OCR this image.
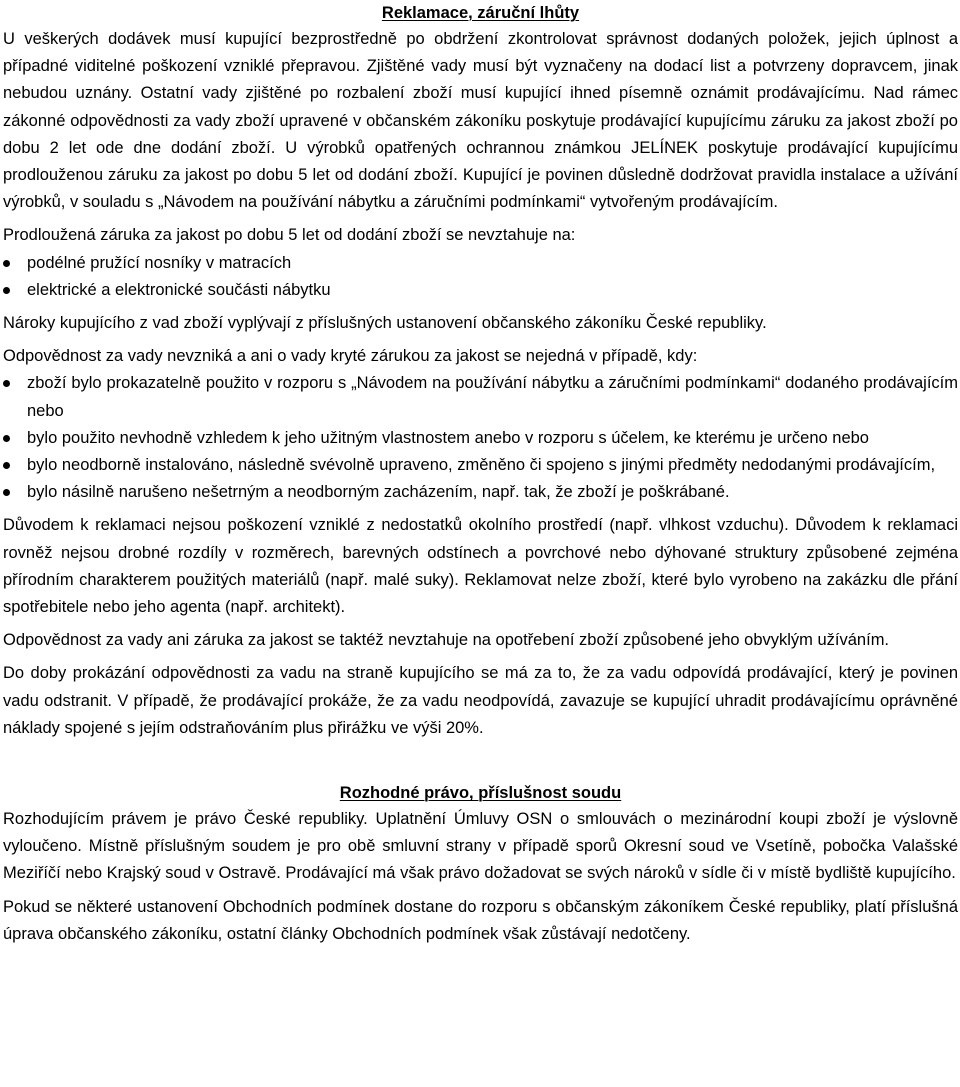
Reklamace, záruční lhůty

U veškerých dodávek musí kupující bezprostředně po obdržení zkontrolovat správnost dodaných položek, jejich úplnost a případné viditelné poškození vzniklé přepravou. Zjištěné vady musí být vyznačeny na dodací list a potvrzeny dopravcem, jinak nebudou uznány. Ostatní vady zjištěné po rozbalení zboží musí kupující ihned písemně oznámit prodávajícímu. Nad rámec zákonné odpovědnosti za vady zboží upravené v občanském zákoníku poskytuje prodávající kupujícímu záruku za jakost zboží po dobu 2 let ode dne dodání zboží. U výrobků opatřených ochrannou známkou JELÍNEK poskytuje prodávající kupujícímu prodlouženou záruku za jakost po dobu 5 let od dodání zboží. Kupující je povinen důsledně dodržovat pravidla instalace a užívání výrobků, v souladu s „Návodem na používání nábytku a záručními podmínkami“ vytvořeným prodávajícím.

Prodloužená záruka za jakost po dobu 5 let od dodání zboží se nevztahuje na:

podélné pružící nosníky v matracích
elektrické a elektronické součásti nábytku

Nároky kupujícího z vad zboží vyplývají z příslušných ustanovení občanského zákoníku České republiky.

Odpovědnost za vady nevzniká a ani o vady kryté zárukou za jakost se nejedná v případě, kdy:

zboží bylo prokazatelně použito v rozporu s „Návodem na používání nábytku a záručními podmínkami“ dodaného prodávajícím nebo
bylo použito nevhodně vzhledem k jeho užitným vlastnostem anebo v rozporu s účelem, ke kterému je určeno nebo
bylo neodborně instalováno, následně svévolně upraveno, změněno či spojeno s jinými předměty nedodanými prodávajícím,
bylo násilně narušeno nešetrným a neodborným zacházením, např. tak, že zboží je poškrábané.

Důvodem k reklamaci nejsou poškození vzniklé z nedostatků okolního prostředí (např. vlhkost vzduchu). Důvodem k reklamaci rovněž nejsou drobné rozdíly v rozměrech, barevných odstínech a povrchové nebo dýhované struktury způsobené zejména přírodním charakterem použitých materiálů (např. malé suky). Reklamovat nelze zboží, které bylo vyrobeno na zakázku dle přání spotřebitele nebo jeho agenta (např. architekt).

Odpovědnost za vady ani záruka za jakost se taktéž nevztahuje na opotřebení zboží způsobené jeho obvyklým užíváním.

Do doby prokázání odpovědnosti za vadu na straně kupujícího se má za to, že za vadu odpovídá prodávající, který je povinen vadu odstranit. V případě, že prodávající prokáže, že za vadu neodpovídá, zavazuje se kupující uhradit prodávajícímu oprávněné náklady spojené s jejím odstraňováním plus přirážku ve výši 20%.

Rozhodné právo, příslušnost soudu

Rozhodujícím právem je právo České republiky. Uplatnění Úmluvy OSN o smlouvách o mezinárodní koupi zboží je výslovně vyloučeno. Místně příslušným soudem je pro obě smluvní strany v případě sporů Okresní soud ve Vsetíně, pobočka Valašské Meziříčí nebo Krajský soud v Ostravě. Prodávající má však právo dožadovat se svých nároků v sídle či v místě bydliště kupujícího.

Pokud se některé ustanovení Obchodních podmínek dostane do rozporu s občanským zákoníkem České republiky, platí příslušná úprava občanského zákoníku, ostatní články Obchodních podmínek však zůstávají nedotčeny.
